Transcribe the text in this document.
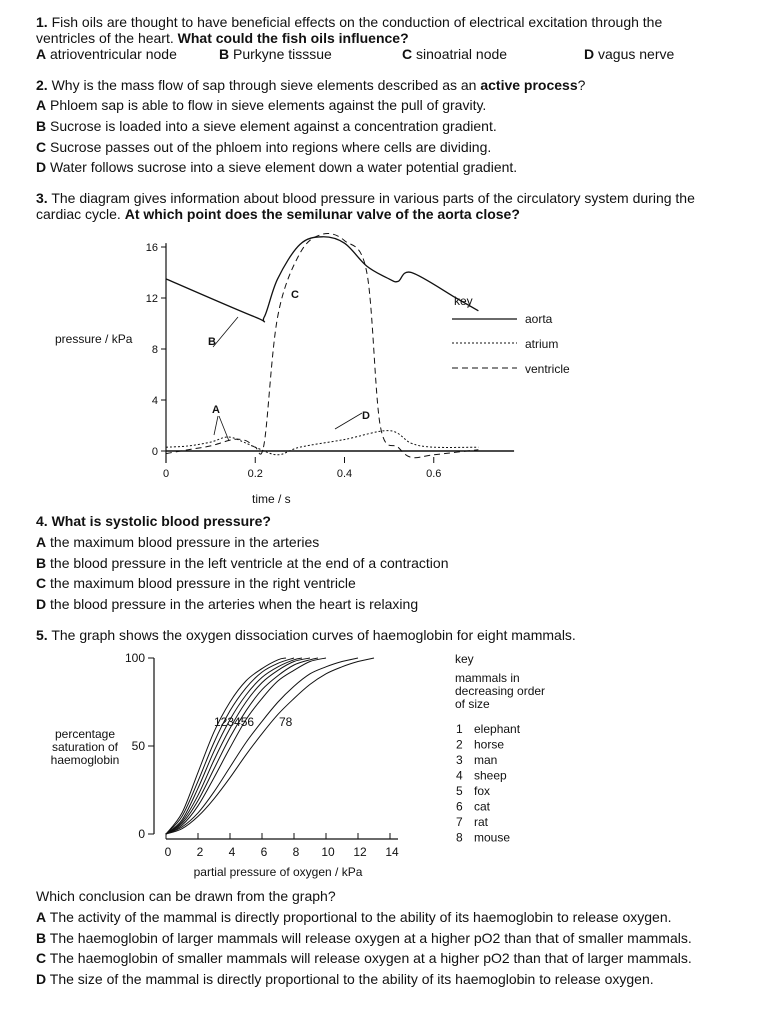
1. Fish oils are thought to have beneficial effects on the conduction of electrical excitation through the
ventricles of the heart. What could the fish oils influence?
A atrioventricular node	B Purkyne tisssue	C sinoatrial node	D vagus nerve
2. Why is the mass flow of sap through sieve elements described as an active process?
A Phloem sap is able to flow in sieve elements against the pull of gravity.
B Sucrose is loaded into a sieve element against a concentration gradient.
C Sucrose passes out of the phloem into regions where cells are dividing.
D Water follows sucrose into a sieve element down a water potential gradient.
3. The diagram gives information about blood pressure in various parts of the circulatory system during the
cardiac cycle. At which point does the semilunar valve of the aorta close?
0
4
8
12
16
0	0.2	0.4	0.6
pressure / kPa
time / s
A
B
C
D
key
aorta
atrium
ventricle
4. What is systolic blood pressure?
A the maximum blood pressure in the arteries
B the blood pressure in the left ventricle at the end of a contraction
C the maximum blood pressure in the right ventricle
D the blood pressure in the arteries when the heart is relaxing
5. The graph shows the oxygen dissociation curves of haemoglobin for eight mammals.
0
50
100
0 2 4 6 8 10 12 14
percentage
saturation of
haemoglobin
partial pressure of oxygen / kPa
123456 78
key
mammals in
decreasing order
of size
1 elephant
2 horse
3 man
4 sheep
5 fox
6 cat
7 rat
8 mouse
Which conclusion can be drawn from the graph?
A The activity of the mammal is directly proportional to the ability of its haemoglobin to release oxygen.
B The haemoglobin of larger mammals will release oxygen at a higher pO2 than that of smaller mammals.
C The haemoglobin of smaller mammals will release oxygen at a higher pO2 than that of larger mammals.
D The size of the mammal is directly proportional to the ability of its haemoglobin to release oxygen.
